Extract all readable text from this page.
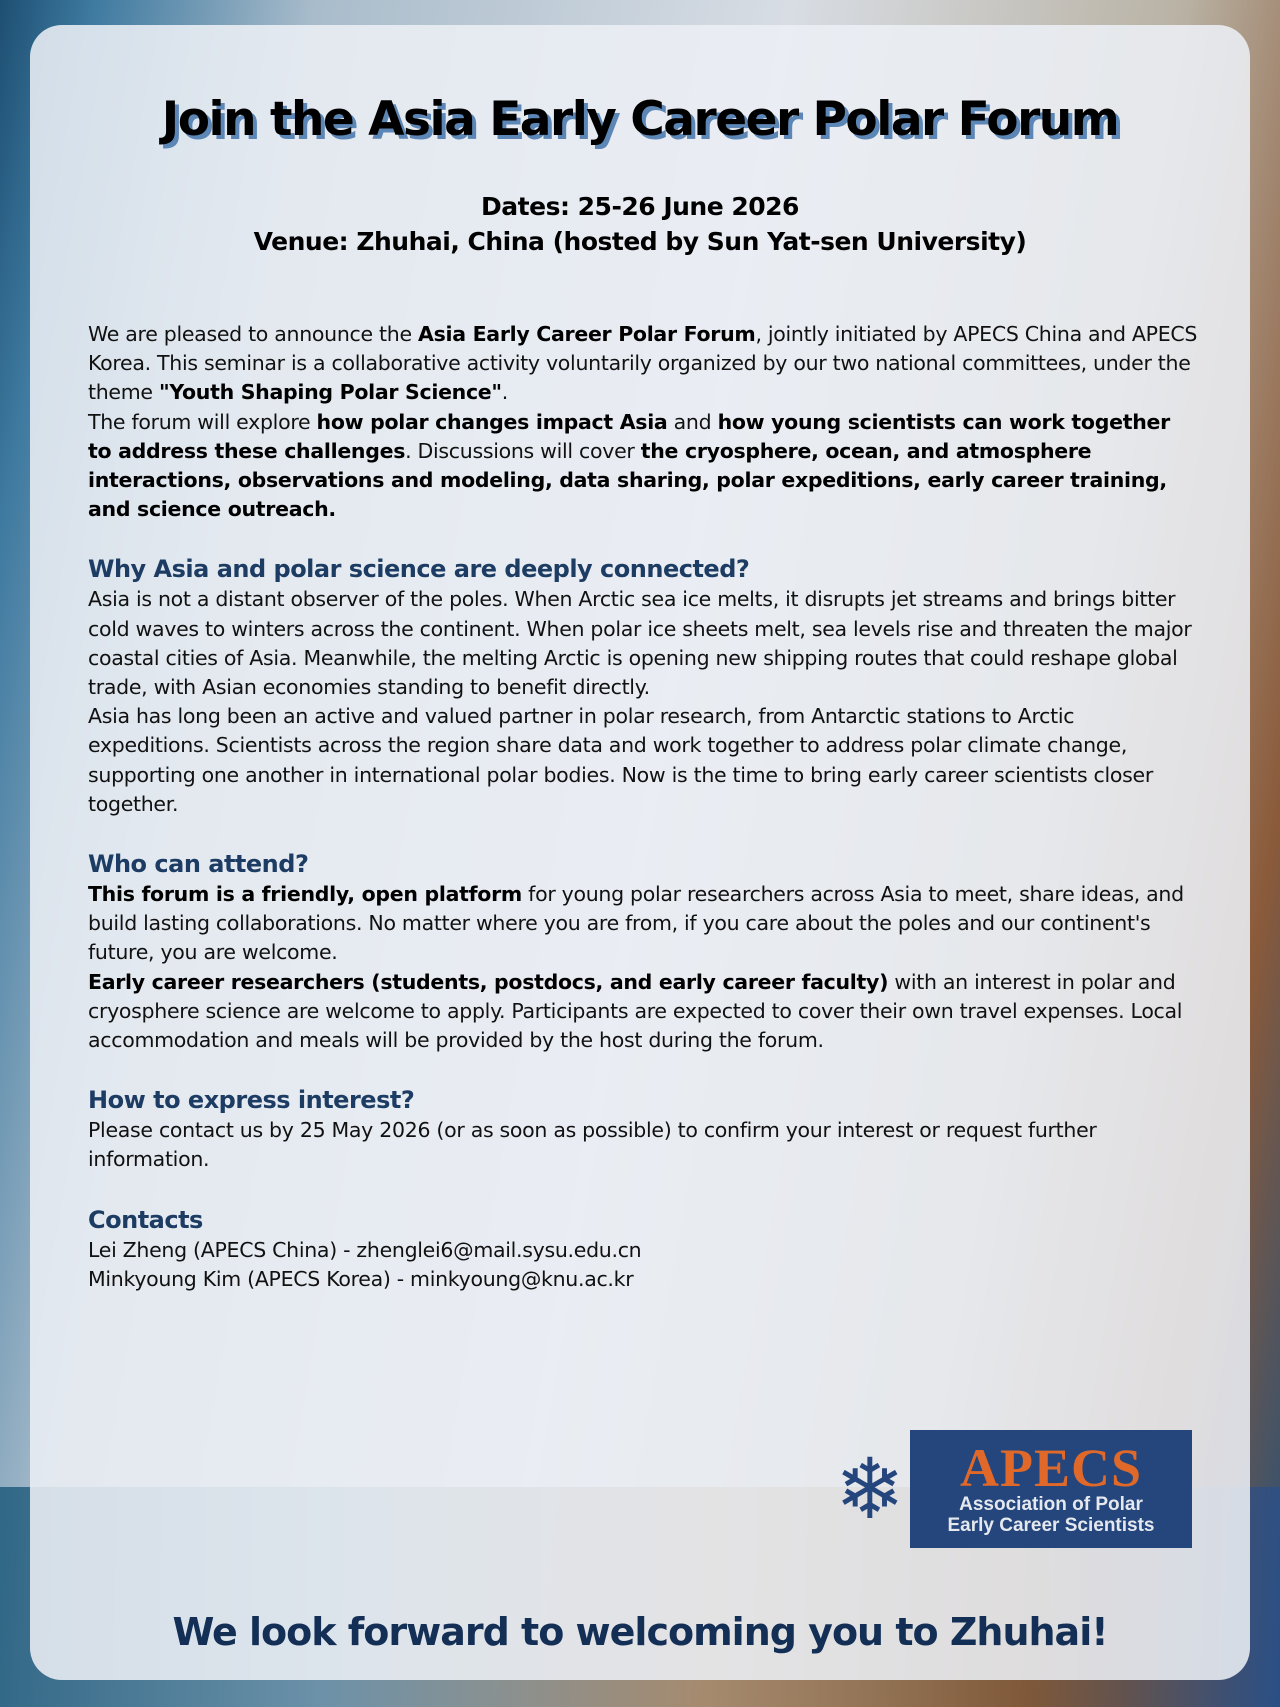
Join the Asia Early Career Polar Forum
Dates: 25-26 June 2026
Venue: Zhuhai, China (hosted by Sun Yat-sen University)

We are pleased to announce the Asia Early Career Polar Forum, jointly initiated by APECS China and APECS Korea. This seminar is a collaborative activity voluntarily organized by our two national committees, under the theme "Youth Shaping Polar Science".
The forum will explore how polar changes impact Asia and how young scientists can work together to address these challenges. Discussions will cover the cryosphere, ocean, and atmosphere interactions, observations and modeling, data sharing, polar expeditions, early career training, and science outreach.

Why Asia and polar science are deeply connected?

Asia is not a distant observer of the poles. When Arctic sea ice melts, it disrupts jet streams and brings bitter cold waves to winters across the continent. When polar ice sheets melt, sea levels rise and threaten the major coastal cities of Asia. Meanwhile, the melting Arctic is opening new shipping routes that could reshape global trade, with Asian economies standing to benefit directly.

Asia has long been an active and valued partner in polar research, from Antarctic stations to Arctic expeditions. Scientists across the region share data and work together to address polar climate change, supporting one another in international polar bodies. Now is the time to bring early career scientists closer together.

Who can attend?

This forum is a friendly, open platform for young polar researchers across Asia to meet, share ideas, and build lasting collaborations. No matter where you are from, if you care about the poles and our continent's future, you are welcome.

Early career researchers (students, postdocs, and early career faculty) with an interest in polar and cryosphere science are welcome to apply. Participants are expected to cover their own travel expenses. Local accommodation and meals will be provided by the host during the forum.

How to express interest?

Please contact us by 25 May 2026 (or as soon as possible) to confirm your interest or request further information.

Contacts

Lei Zheng (APECS China) - zhenglei6@mail.sysu.edu.cn

Minkyoung Kim (APECS Korea) - minkyoung@knu.ac.kr

❄ APECS
Association of Polar
Early Career Scientists
We look forward to welcoming you to Zhuhai!
